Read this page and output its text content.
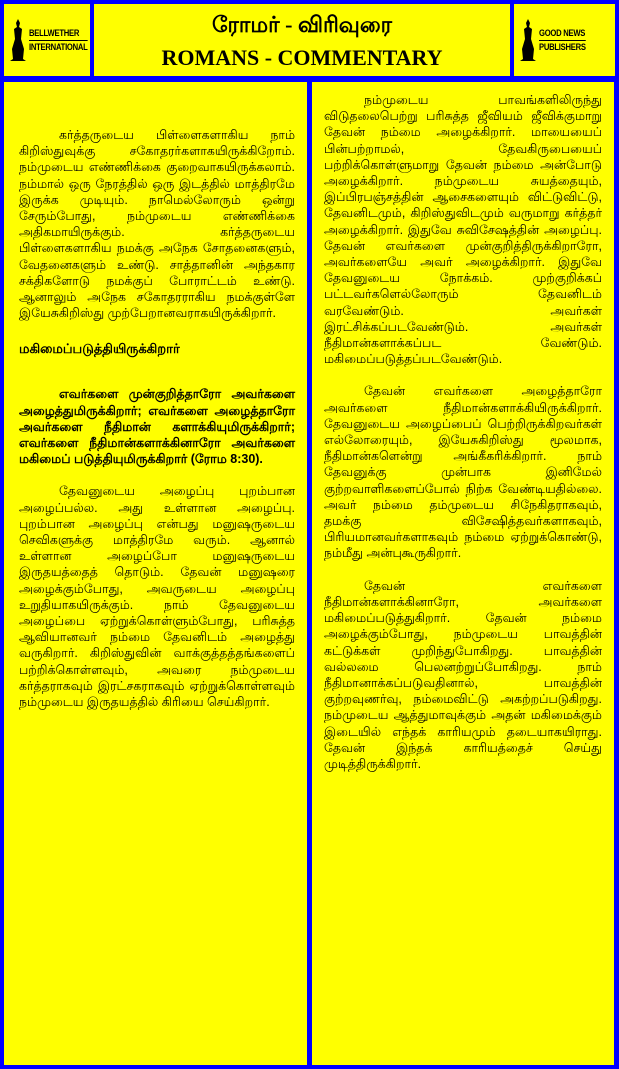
BELLWETHER
INTERNATIONAL
ரோமர் - விரிவுரை
ROMANS - COMMENTARY
GOOD NEWS
PUBLISHERS

கர்த்தருடைய பிள்ளைகளாகிய நாம் கிறிஸ்துவுக்கு சகோதரர்களாகயிருக்கிறோம். நம்முடைய எண்ணிக்கை குறைவாகயிருக்கலாம். நம்மால் ஒரு நேரத்தில் ஒரு இடத்தில் மாத்திரமே இருக்க முடியும். நாமெல்லோரும் ஒன்று சேரும்போது, நம்முடைய எண்ணிக்கை அதிகமாயிருக்கும். கர்த்தருடைய பிள்ளைகளாகிய நமக்கு அநேக சோதனைகளும், வேதனைகளும் உண்டு. சாத்தானின் அந்தகார சக்திகளோடு நமக்குப் போராட்டம் உண்டு. ஆனாலும் அநேக சகோதரராகிய நமக்குள்ளே இயேசுகிறிஸ்து முற்பேறானவராகயிருக்கிறார்.

மகிமைப்படுத்தியிருக்கிறார்

எவர்களை முன்குறித்தாரோ அவர்களை அழைத்துமிருக்கிறார்; எவர்களை அழைத்தாரோ அவர்களை நீதிமான் களாக்கியுமிருக்கிறார்; எவர்களை நீதிமான்களாக்கினாரோ அவர்களை மகிமைப் படுத்தியுமிருக்கிறார் (ரோம 8:30).

தேவனுடைய அழைப்பு புறம்பான அழைப்பல்ல. அது உள்ளான அழைப்பு. புறம்பான அழைப்பு என்பது மனுஷருடைய செவிகளுக்கு மாத்திரமே வரும். ஆனால் உள்ளான அழைப்போ மனுஷருடைய இருதயத்தைத் தொடும். தேவன் மனுஷரை அழைக்கும்போது, அவருடைய அழைப்பு உறுதியாகயிருக்கும். நாம் தேவனுடைய அழைப்பை ஏற்றுக்கொள்ளும்போது, பரிசுத்த ஆவியானவர் நம்மை தேவனிடம் அழைத்து வருகிறார். கிறிஸ்துவின் வாக்குத்தத்தங்களைப் பற்றிக்கொள்ளவும், அவரை நம்முடைய கர்த்தராகவும் இரட்சகராகவும் ஏற்றுக்கொள்ளவும் நம்முடைய இருதயத்தில் கிரியை செய்கிறார்.

நம்முடைய பாவங்களிலிருந்து விடுதலைபெற்று பரிசுத்த ஜீவியம் ஜீவிக்குமாறு தேவன் நம்மை அழைக்கிறார். மாயையைப் பின்பற்றாமல், தேவகிருபையைப் பற்றிக்கொள்ளுமாறு தேவன் நம்மை அன்போடு அழைக்கிறார். நம்முடைய சுயத்தையும், இப்பிரபஞ்சத்தின் ஆசைகளையும் விட்டுவிட்டு, தேவனிடமும், கிறிஸ்துவிடமும் வருமாறு கர்த்தர் அழைக்கிறார். இதுவே சுவிசேஷத்தின் அழைப்பு. தேவன் எவர்களை முன்குறித்திருக்கிறாரோ, அவர்களையே அவர் அழைக்கிறார். இதுவே தேவனுடைய நோக்கம். முற்குறிக்கப் பட்டவர்களெல்லோரும் தேவனிடம் வரவேண்டும். அவர்கள் இரட்சிக்கப்படவேண்டும். அவர்கள் நீதிமான்களாக்கப்பட வேண்டும். மகிமைப்படுத்தப்படவேண்டும்.

தேவன் எவர்களை அழைத்தாரோ அவர்களை நீதிமான்களாக்கியிருக்கிறார். தேவனுடைய அழைப்பைப் பெற்றிருக்கிறவர்கள் எல்லோரையும், இயேசுகிறிஸ்து மூலமாக, நீதிமான்களென்று அங்கீகரிக்கிறார். நாம் தேவனுக்கு முன்பாக இனிமேல் குற்றவாளிகளைப்போல் நிற்க வேண்டியதில்லை. அவர் நம்மை தம்முடைய சிநேகிதராகவும், தமக்கு விசேஷித்தவர்களாகவும், பிரியமானவர்களாகவும் நம்மை ஏற்றுக்கொண்டு, நம்மீது அன்புகூருகிறார்.

தேவன் எவர்களை நீதிமான்களாக்கினாரோ, அவர்களை மகிமைப்படுத்துகிறார். தேவன் நம்மை அழைக்கும்போது, நம்முடைய பாவத்தின் கட்டுக்கள் முறிந்துபோகிறது. பாவத்தின் வல்லமை பெலனற்றுப்போகிறது. நாம் நீதிமானாக்கப்படுவதினால், பாவத்தின் குற்றவுணர்வு, நம்மைவிட்டு அகற்றப்படுகிறது. நம்முடைய ஆத்துமாவுக்கும் அதன் மகிமைக்கும் இடையில் எந்தக் காரியமும் தடையாகயிராது. தேவன் இந்தக் காரியத்தைச் செய்து முடித்திருக்கிறார்.
